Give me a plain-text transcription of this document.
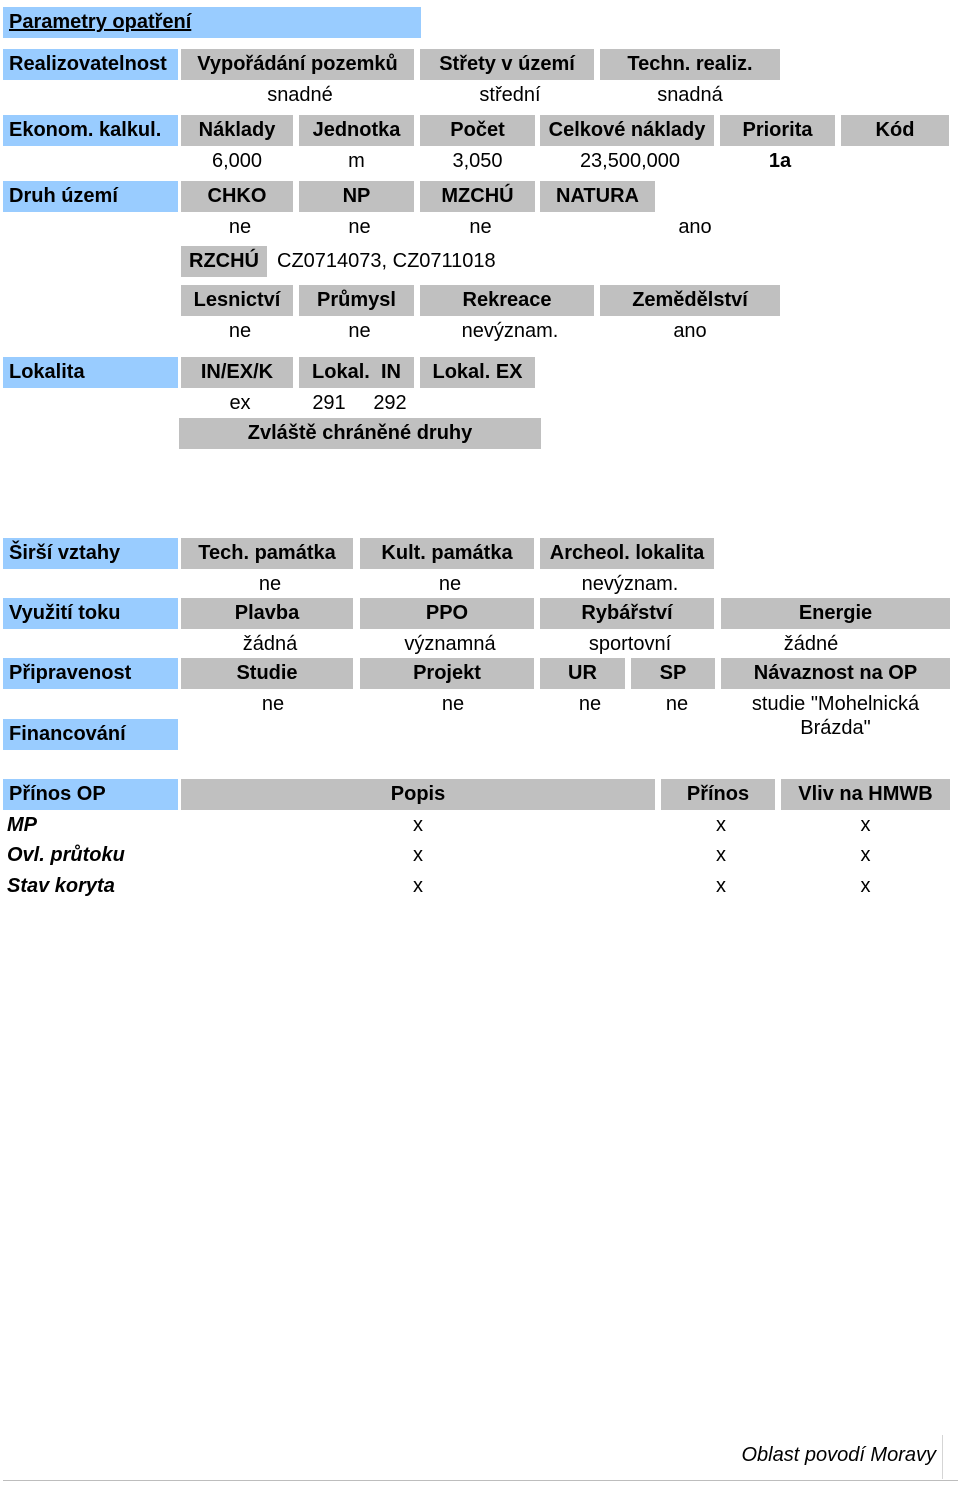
Parametry opatření
Realizovatelnost	Vypořádání pozemků	Střety v území	Techn. realiz.
snadné	střední	snadná
Ekonom. kalkul.	Náklady	Jednotka	Počet	Celkové náklady	Priorita	Kód
6,000	m	3,050	23,500,000	1a
Druh území	CHKO	NP	MZCHÚ	NATURA
ne	ne	ne	ano
RZCHÚ CZ0714073, CZ0711018
Lesnictví	Průmysl	Rekreace	Zemědělství
ne	ne	nevýznam.	ano
Lokalita	IN/EX/K	Lokal.  IN	Lokal. EX
ex	291	292
Zvláště chráněné druhy
Širší vztahy	Tech. památka	Kult. památka	Archeol. lokalita
ne	ne	nevýznam.
Využití toku	Plavba	PPO	Rybářství	Energie
žádná	významná	sportovní	žádné
Připravenost	Studie	Projekt	UR	SP	Návaznost na OP
ne	ne	ne	ne	studie "Mohelnická
Brázda"
Financování
Přínos OP	Popis	Přínos	Vliv na HMWB
MP	x	x	x
Ovl. průtoku	x	x	x
Stav koryta	x	x	x
Oblast povodí Moravy
